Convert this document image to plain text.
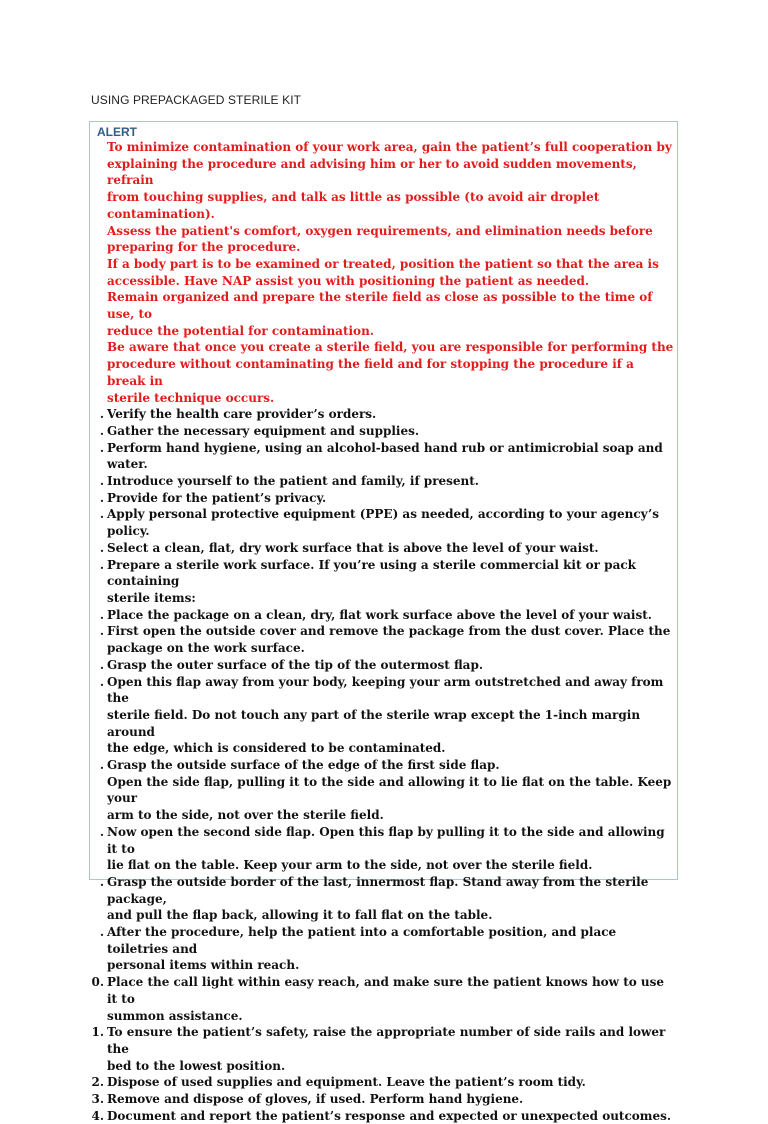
USING PREPACKAGED STERILE KIT
ALERT
To minimize contamination of your work area, gain the patient’s full cooperation by
explaining the procedure and advising him or her to avoid sudden movements, refrain
from touching supplies, and talk as little as possible (to avoid air droplet contamination).
Assess the patient's comfort, oxygen requirements, and elimination needs before
preparing for the procedure.
If a body part is to be examined or treated, position the patient so that the area is
accessible. Have NAP assist you with positioning the patient as needed.
Remain organized and prepare the sterile field as close as possible to the time of use, to
reduce the potential for contamination.
Be aware that once you create a sterile field, you are responsible for performing the
procedure without contaminating the field and for stopping the procedure if a break in
sterile technique occurs.
. Verify the health care provider’s orders.
. Gather the necessary equipment and supplies.
. Perform hand hygiene, using an alcohol-based hand rub or antimicrobial soap and water.
. Introduce yourself to the patient and family, if present.
. Provide for the patient’s privacy.
. Apply personal protective equipment (PPE) as needed, according to your agency’s policy.
. Select a clean, flat, dry work surface that is above the level of your waist.
. Prepare a sterile work surface. If you’re using a sterile commercial kit or pack containing
sterile items:
. Place the package on a clean, dry, flat work surface above the level of your waist.
. First open the outside cover and remove the package from the dust cover. Place the
package on the work surface.
. Grasp the outer surface of the tip of the outermost flap.
. Open this flap away from your body, keeping your arm outstretched and away from the
sterile field. Do not touch any part of the sterile wrap except the 1-inch margin around
the edge, which is considered to be contaminated.
. Grasp the outside surface of the edge of the first side flap.
Open the side flap, pulling it to the side and allowing it to lie flat on the table. Keep your
arm to the side, not over the sterile field.
. Now open the second side flap. Open this flap by pulling it to the side and allowing it to
lie flat on the table. Keep your arm to the side, not over the sterile field.
. Grasp the outside border of the last, innermost flap. Stand away from the sterile package,
and pull the flap back, allowing it to fall flat on the table.
. After the procedure, help the patient into a comfortable position, and place toiletries and
personal items within reach.
0. Place the call light within easy reach, and make sure the patient knows how to use it to
summon assistance.
1. To ensure the patient’s safety, raise the appropriate number of side rails and lower the
bed to the lowest position.
2. Dispose of used supplies and equipment. Leave the patient’s room tidy.
3. Remove and dispose of gloves, if used. Perform hand hygiene.
4. Document and report the patient’s response and expected or unexpected outcomes.
